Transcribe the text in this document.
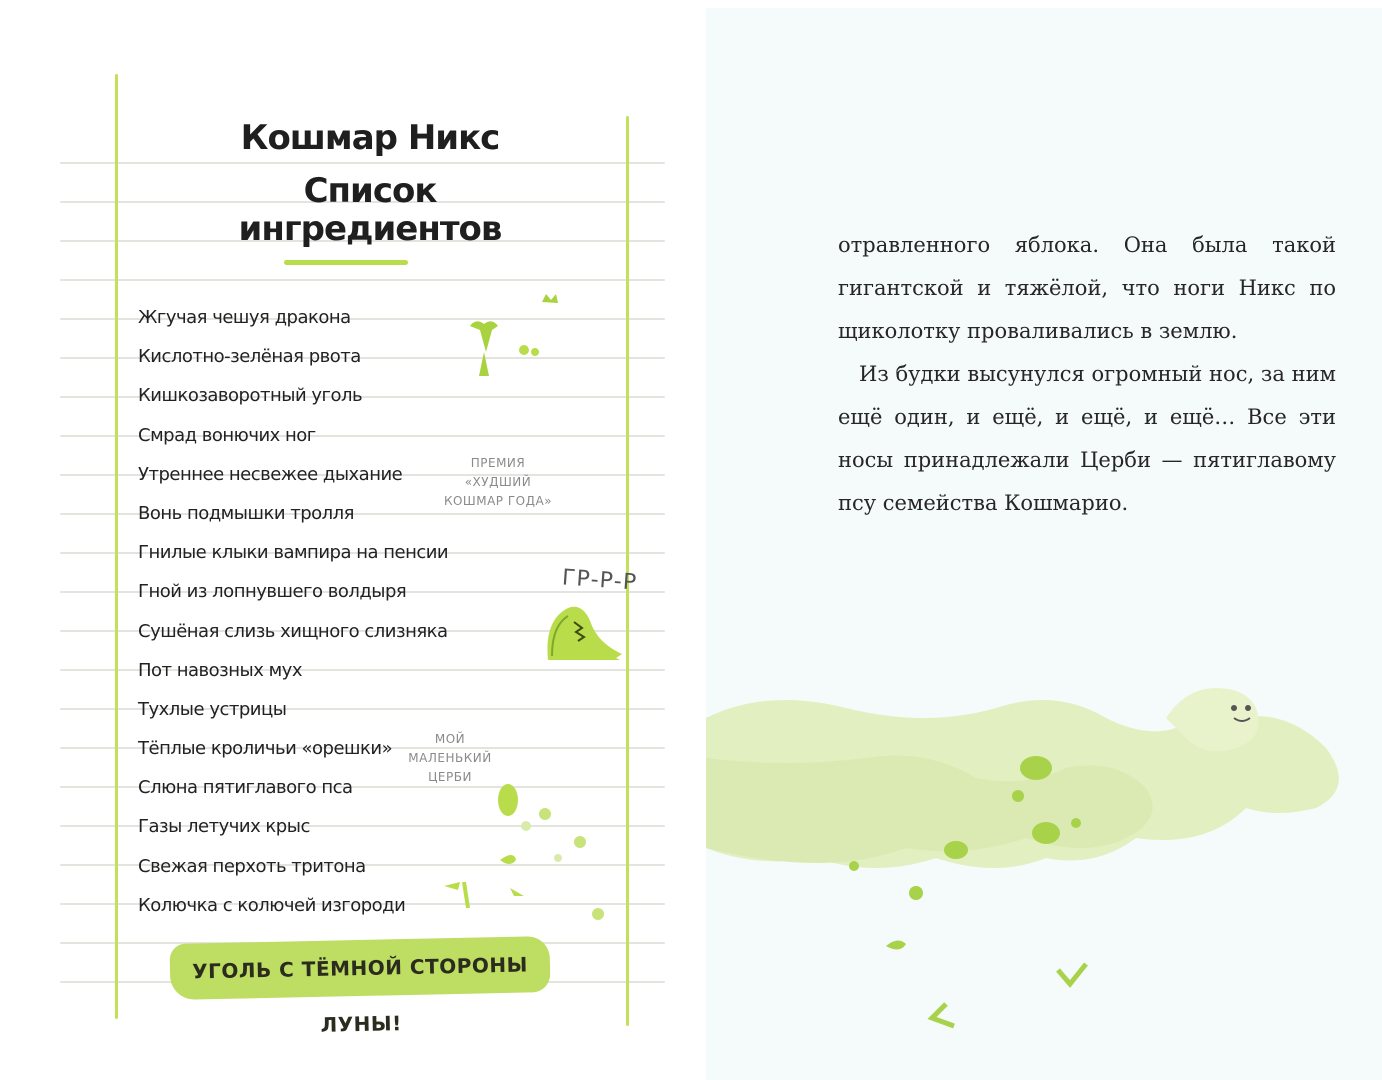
Кошмар Никс
Список
ингредиентов
Жгучая чешуя дракона
Кислотно-зелёная рвота
Кишкозаворотный уголь
Смрад вонючих ног
Утреннее несвежее дыхание
Вонь подмышки тролля
Гнилые клыки вампира на пенсии
Гной из лопнувшего волдыря
Сушёная слизь хищного слизняка
Пот навозных мух
Тухлые устрицы
Тёплые кроличьи «орешки»
Слюна пятиглавого пса
Газы летучих крыс
Свежая перхоть тритона
Колючка с колючей изгороди
ПРЕМИЯ
«ХУДШИЙ
КОШМАР ГОДА»
ГР-Р-Р
МОЙ
МАЛЕНЬКИЙ
ЦЕРБИ
УГОЛЬ С ТЁМНОЙ СТОРОНЫ ЛУНЫ!

отравленного яблока. Она была такой гигантской и тяжёлой, что ноги Никс по щиколотку проваливались в землю.

Из будки высунулся огромный нос, за ним ещё один, и ещё, и ещё, и ещё… Все эти носы принадлежали Церби — пятиглавому псу семейства Кошмарио.
